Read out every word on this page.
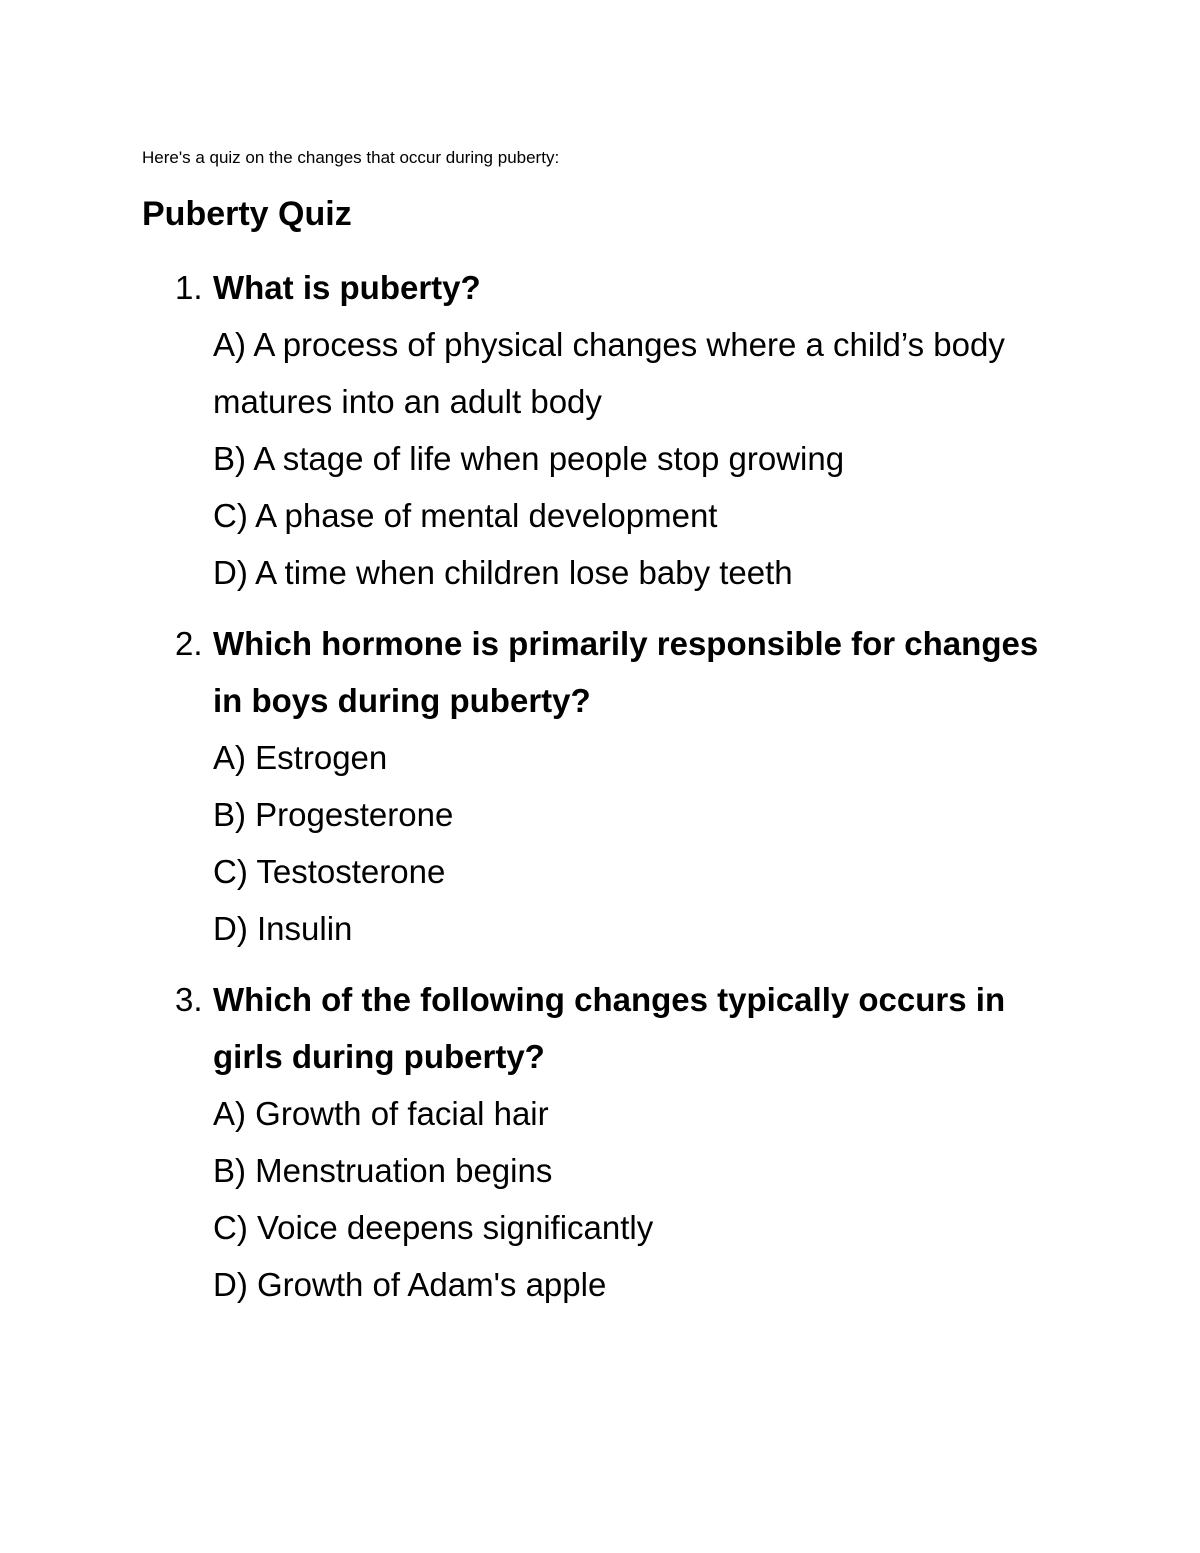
Here's a quiz on the changes that occur during puberty:
Puberty Quiz
1. What is puberty?
A) A process of physical changes where a child’s body matures into an adult body
B) A stage of life when people stop growing
C) A phase of mental development
D) A time when children lose baby teeth
2. Which hormone is primarily responsible for changes in boys during puberty?
A) Estrogen
B) Progesterone
C) Testosterone
D) Insulin
3. Which of the following changes typically occurs in girls during puberty?
A) Growth of facial hair
B) Menstruation begins
C) Voice deepens significantly
D) Growth of Adam's apple
